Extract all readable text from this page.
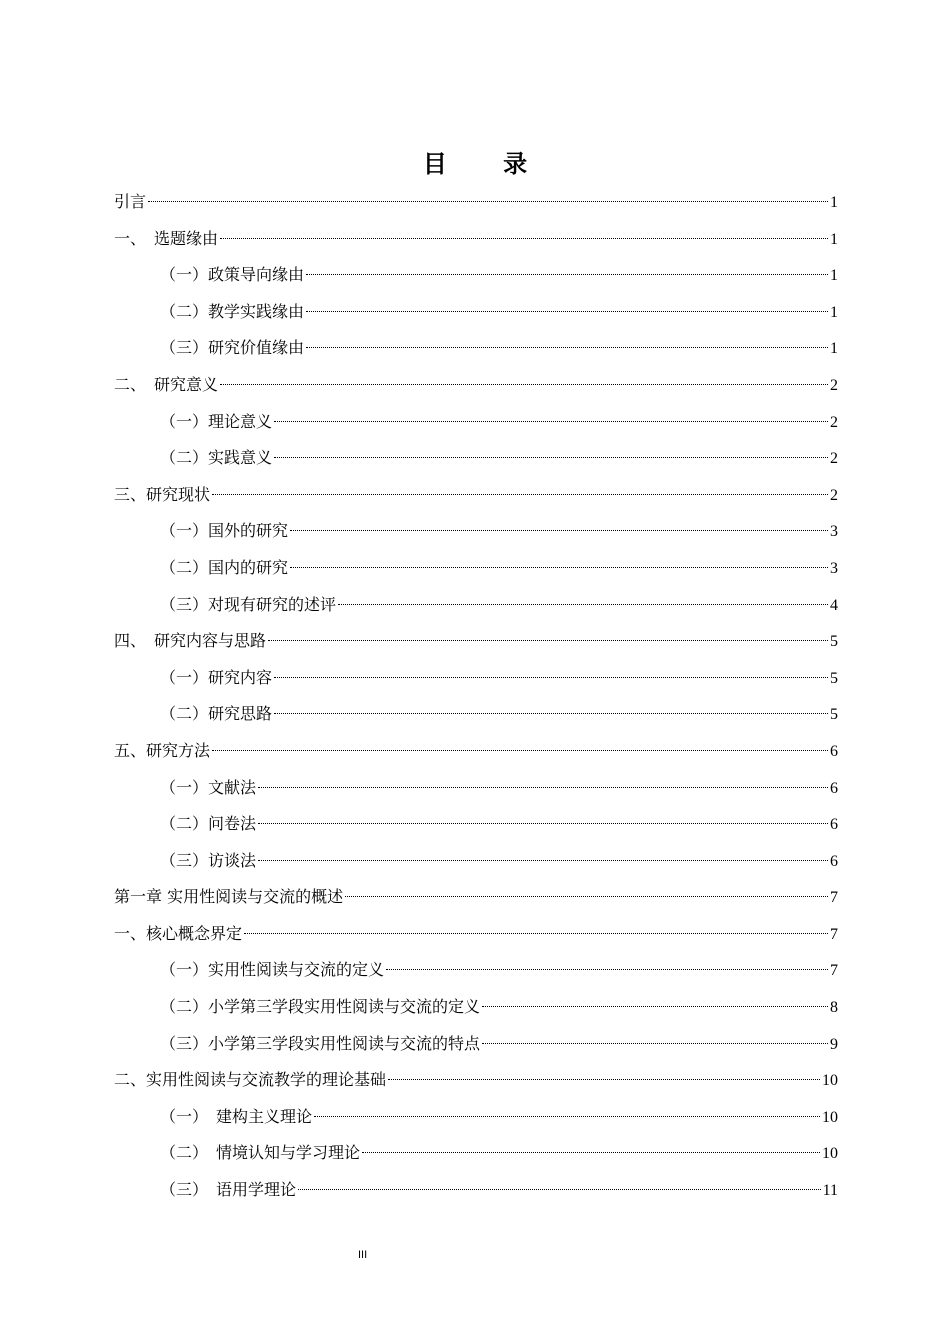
目 录
引言	1
一、　选题缘由	1
（一）政策导向缘由	1
（二）教学实践缘由	1
（三）研究价值缘由	1
二、　研究意义	2
（一）理论意义	2
（二）实践意义	2
三、研究现状	2
（一）国外的研究	3
（二）国内的研究	3
（三）对现有研究的述评	4
四、　研究内容与思路	5
（一）研究内容	5
（二）研究思路	5
五、研究方法	6
（一）文献法	6
（二）问卷法	6
（三）访谈法	6
第一章 实用性阅读与交流的概述	7
一、核心概念界定	7
（一）实用性阅读与交流的定义	7
（二）小学第三学段实用性阅读与交流的定义	8
（三）小学第三学段实用性阅读与交流的特点	9
二、实用性阅读与交流教学的理论基础	10
（一）　建构主义理论	10
（二）　情境认知与学习理论	10
（三）　语用学理论	11
III
